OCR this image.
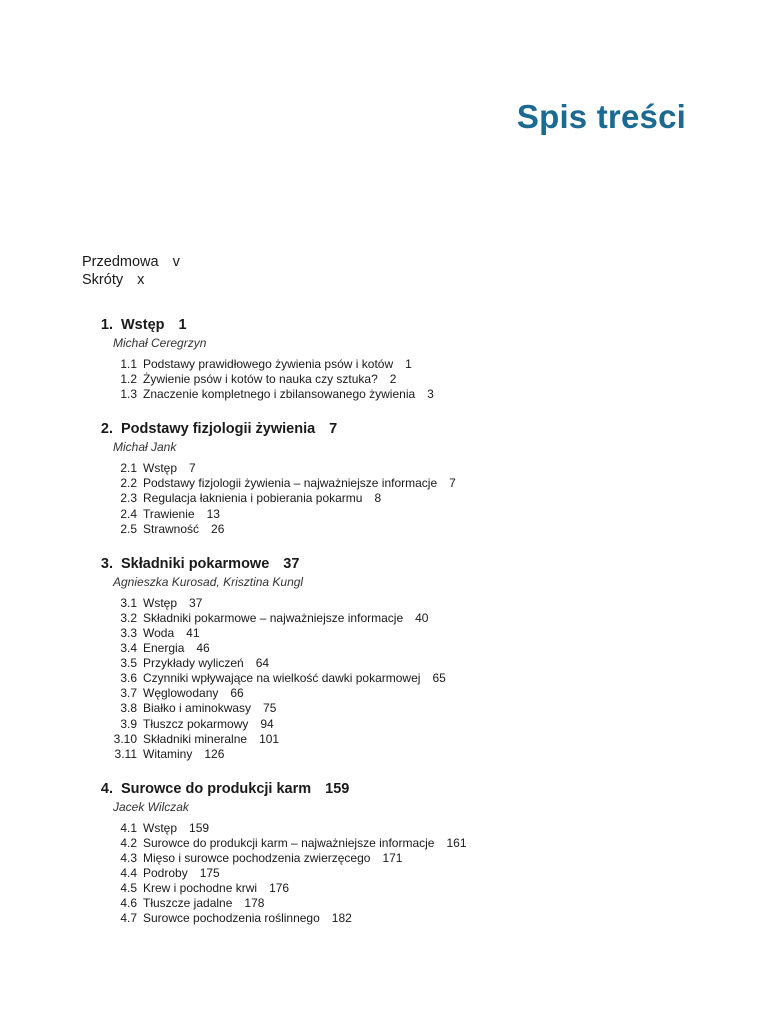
Spis treści
Przedmowa v
Skróty x
1. Wstęp 1
Michał Ceregrzyn
1.1 Podstawy prawidłowego żywienia psów i kotów 1
1.2 Żywienie psów i kotów to nauka czy sztuka? 2
1.3 Znaczenie kompletnego i zbilansowanego żywienia 3
2. Podstawy fizjologii żywienia 7
Michał Jank
2.1 Wstęp 7
2.2 Podstawy fizjologii żywienia – najważniejsze informacje 7
2.3 Regulacja łaknienia i pobierania pokarmu 8
2.4 Trawienie 13
2.5 Strawność 26
3. Składniki pokarmowe 37
Agnieszka Kurosad, Krisztina Kungl
3.1 Wstęp 37
3.2 Składniki pokarmowe – najważniejsze informacje 40
3.3 Woda 41
3.4 Energia 46
3.5 Przykłady wyliczeń 64
3.6 Czynniki wpływające na wielkość dawki pokarmowej 65
3.7 Węglowodany 66
3.8 Białko i aminokwasy 75
3.9 Tłuszcz pokarmowy 94
3.10 Składniki mineralne 101
3.11 Witaminy 126
4. Surowce do produkcji karm 159
Jacek Wilczak
4.1 Wstęp 159
4.2 Surowce do produkcji karm – najważniejsze informacje 161
4.3 Mięso i surowce pochodzenia zwierzęcego 171
4.4 Podroby 175
4.5 Krew i pochodne krwi 176
4.6 Tłuszcze jadalne 178
4.7 Surowce pochodzenia roślinnego 182
